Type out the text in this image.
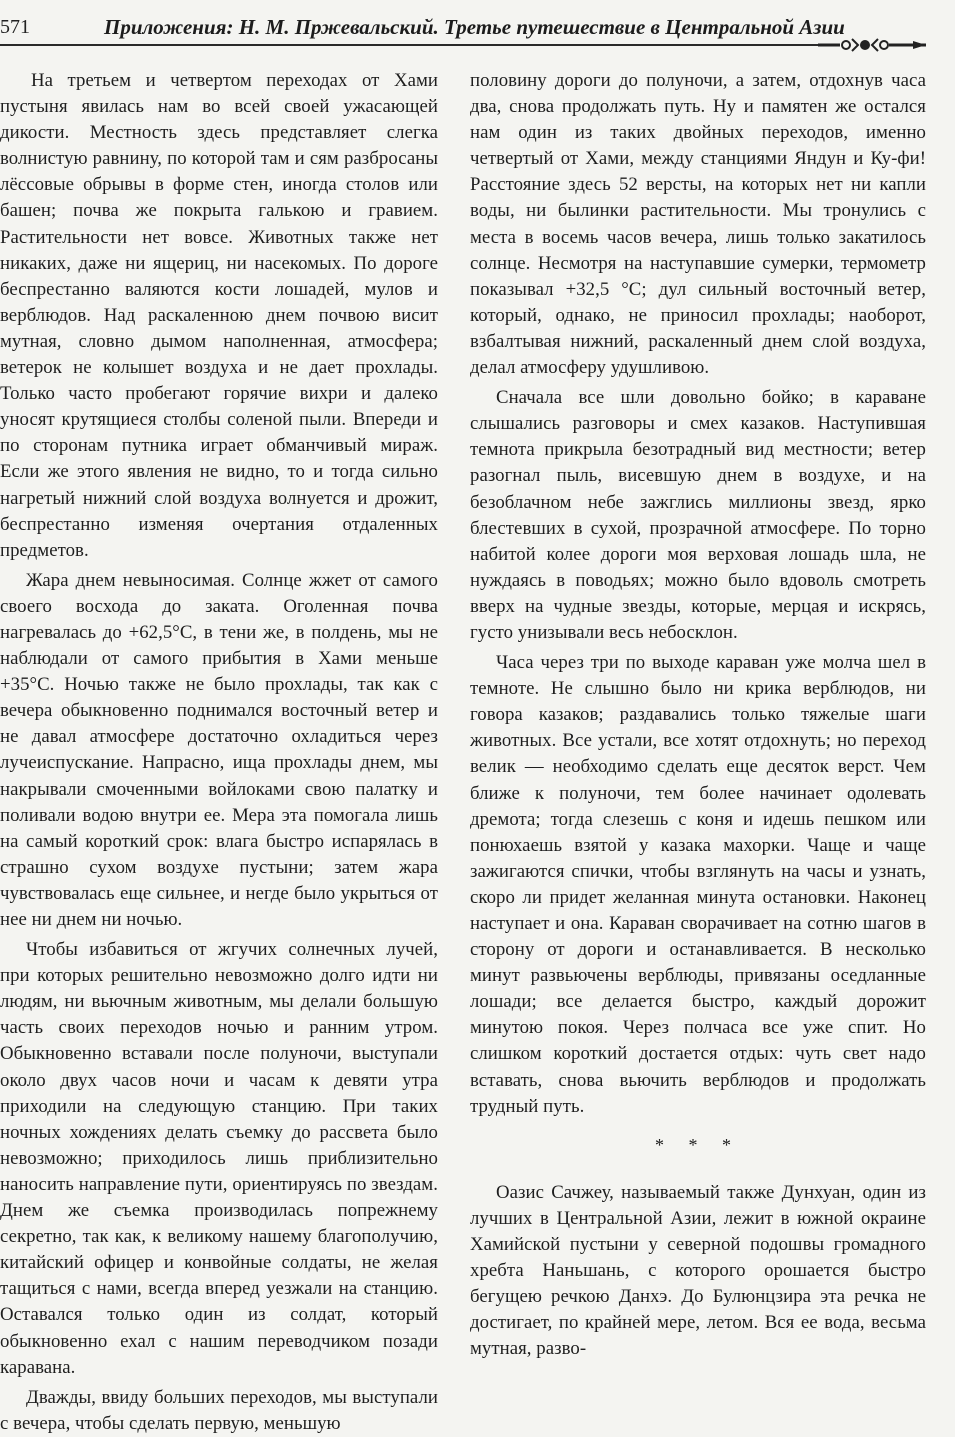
571	Приложения: Н. М. Пржевальский. Третье путешествие в Центральной Азии

На третьем и четвертом переходах от Хами пустыня явилась нам во всей своей ужасающей дикости. Местность здесь представляет слегка волнистую равнину, по которой там и сям разбросаны лёссовые обрывы в форме стен, иногда столов или башен; почва же покрыта галькою и гравием. Растительности нет вовсе. Животных также нет никаких, даже ни ящериц, ни насекомых. По дороге беспрестанно валяются кости лошадей, мулов и верблюдов. Над раскаленною днем почвою висит мутная, словно дымом наполненная, атмосфера; ветерок не колышет воздуха и не дает прохлады. Только часто пробегают горячие вихри и далеко уносят крутящиеся столбы соленой пыли. Впереди и по сторонам путника играет обманчивый мираж. Если же этого явления не видно, то и тогда сильно нагретый нижний слой воздуха волнуется и дрожит, беспрестанно изменяя очертания отдаленных предметов.

Жара днем невыносимая. Солнце жжет от самого своего восхода до заката. Оголенная почва нагревалась до +62,5°C, в тени же, в полдень, мы не наблюдали от самого прибытия в Хами меньше +35°C. Ночью также не было прохлады, так как с вечера обыкновенно поднимался восточный ветер и не давал атмосфере достаточно охладиться через лучеиспускание. Напрасно, ища прохлады днем, мы накрывали смоченными войлоками свою палатку и поливали водою внутри ее. Мера эта помогала лишь на самый короткий срок: влага быстро испарялась в страшно сухом воздухе пустыни; затем жара чувствовалась еще сильнее, и негде было укрыться от нее ни днем ни ночью.

Чтобы избавиться от жгучих солнечных лучей, при которых решительно невозможно долго идти ни людям, ни вьючным животным, мы делали большую часть своих переходов ночью и ранним утром. Обыкновенно вставали после полуночи, выступали около двух часов ночи и часам к девяти утра приходили на следующую станцию. При таких ночных хождениях делать съемку до рассвета было невозможно; приходилось лишь приблизительно наносить направление пути, ориентируясь по звездам. Днем же съемка производилась попрежнему секретно, так как, к великому нашему благополучию, китайский офицер и конвойные солдаты, не желая тащиться с нами, всегда вперед уезжали на станцию. Оставался только один из солдат, который обыкновенно ехал с нашим переводчиком позади каравана.

Дважды, ввиду больших переходов, мы выступали с вечера, чтобы сделать первую, меньшую

половину дороги до полуночи, а затем, отдохнув часа два, снова продолжать путь. Ну и памятен же остался нам один из таких двойных переходов, именно четвертый от Хами, между станциями Яндун и Ку-фи! Расстояние здесь 52 версты, на которых нет ни капли воды, ни былинки растительности. Мы тронулись с места в восемь часов вечера, лишь только закатилось солнце. Несмотря на наступавшие сумерки, термометр показывал +32,5 °C; дул сильный восточный ветер, который, однако, не приносил прохлады; наоборот, взбалтывая нижний, раскаленный днем слой воздуха, делал атмосферу удушливою.

Сначала все шли довольно бойко; в караване слышались разговоры и смех казаков. Наступившая темнота прикрыла безотрадный вид местности; ветер разогнал пыль, висевшую днем в воздухе, и на безоблачном небе зажглись миллионы звезд, ярко блестевших в сухой, прозрачной атмосфере. По торно набитой колее дороги моя верховая лошадь шла, не нуждаясь в поводьях; можно было вдоволь смотреть вверх на чудные звезды, которые, мерцая и искрясь, густо унизывали весь небосклон.

Часа через три по выходе караван уже молча шел в темноте. Не слышно было ни крика верблюдов, ни говора казаков; раздавались только тяжелые шаги животных. Все устали, все хотят отдохнуть; но переход велик — необходимо сделать еще десяток верст. Чем ближе к полуночи, тем более начинает одолевать дремота; тогда слезешь с коня и идешь пешком или понюхаешь взятой у казака махорки. Чаще и чаще зажигаются спички, чтобы взглянуть на часы и узнать, скоро ли придет желанная минута остановки. Наконец наступает и она. Караван сворачивает на сотню шагов в сторону от дороги и останавливается. В несколько минут развьючены верблюды, привязаны оседланные лошади; все делается быстро, каждый дорожит минутою покоя. Через полчаса все уже спит. Но слишком короткий достается отдых: чуть свет надо вставать, снова вьючить верблюдов и продолжать трудный путь.

* * *

Оазис Сачжеу, называемый также Дунхуан, один из лучших в Центральной Азии, лежит в южной окраине Хамийской пустыни у северной подошвы громадного хребта Наньшань, с которого орошается быстро бегущею речкою Данхэ. До Булюнцзира эта речка не достигает, по крайней мере, летом. Вся ее вода, весьма мутная, разво-
